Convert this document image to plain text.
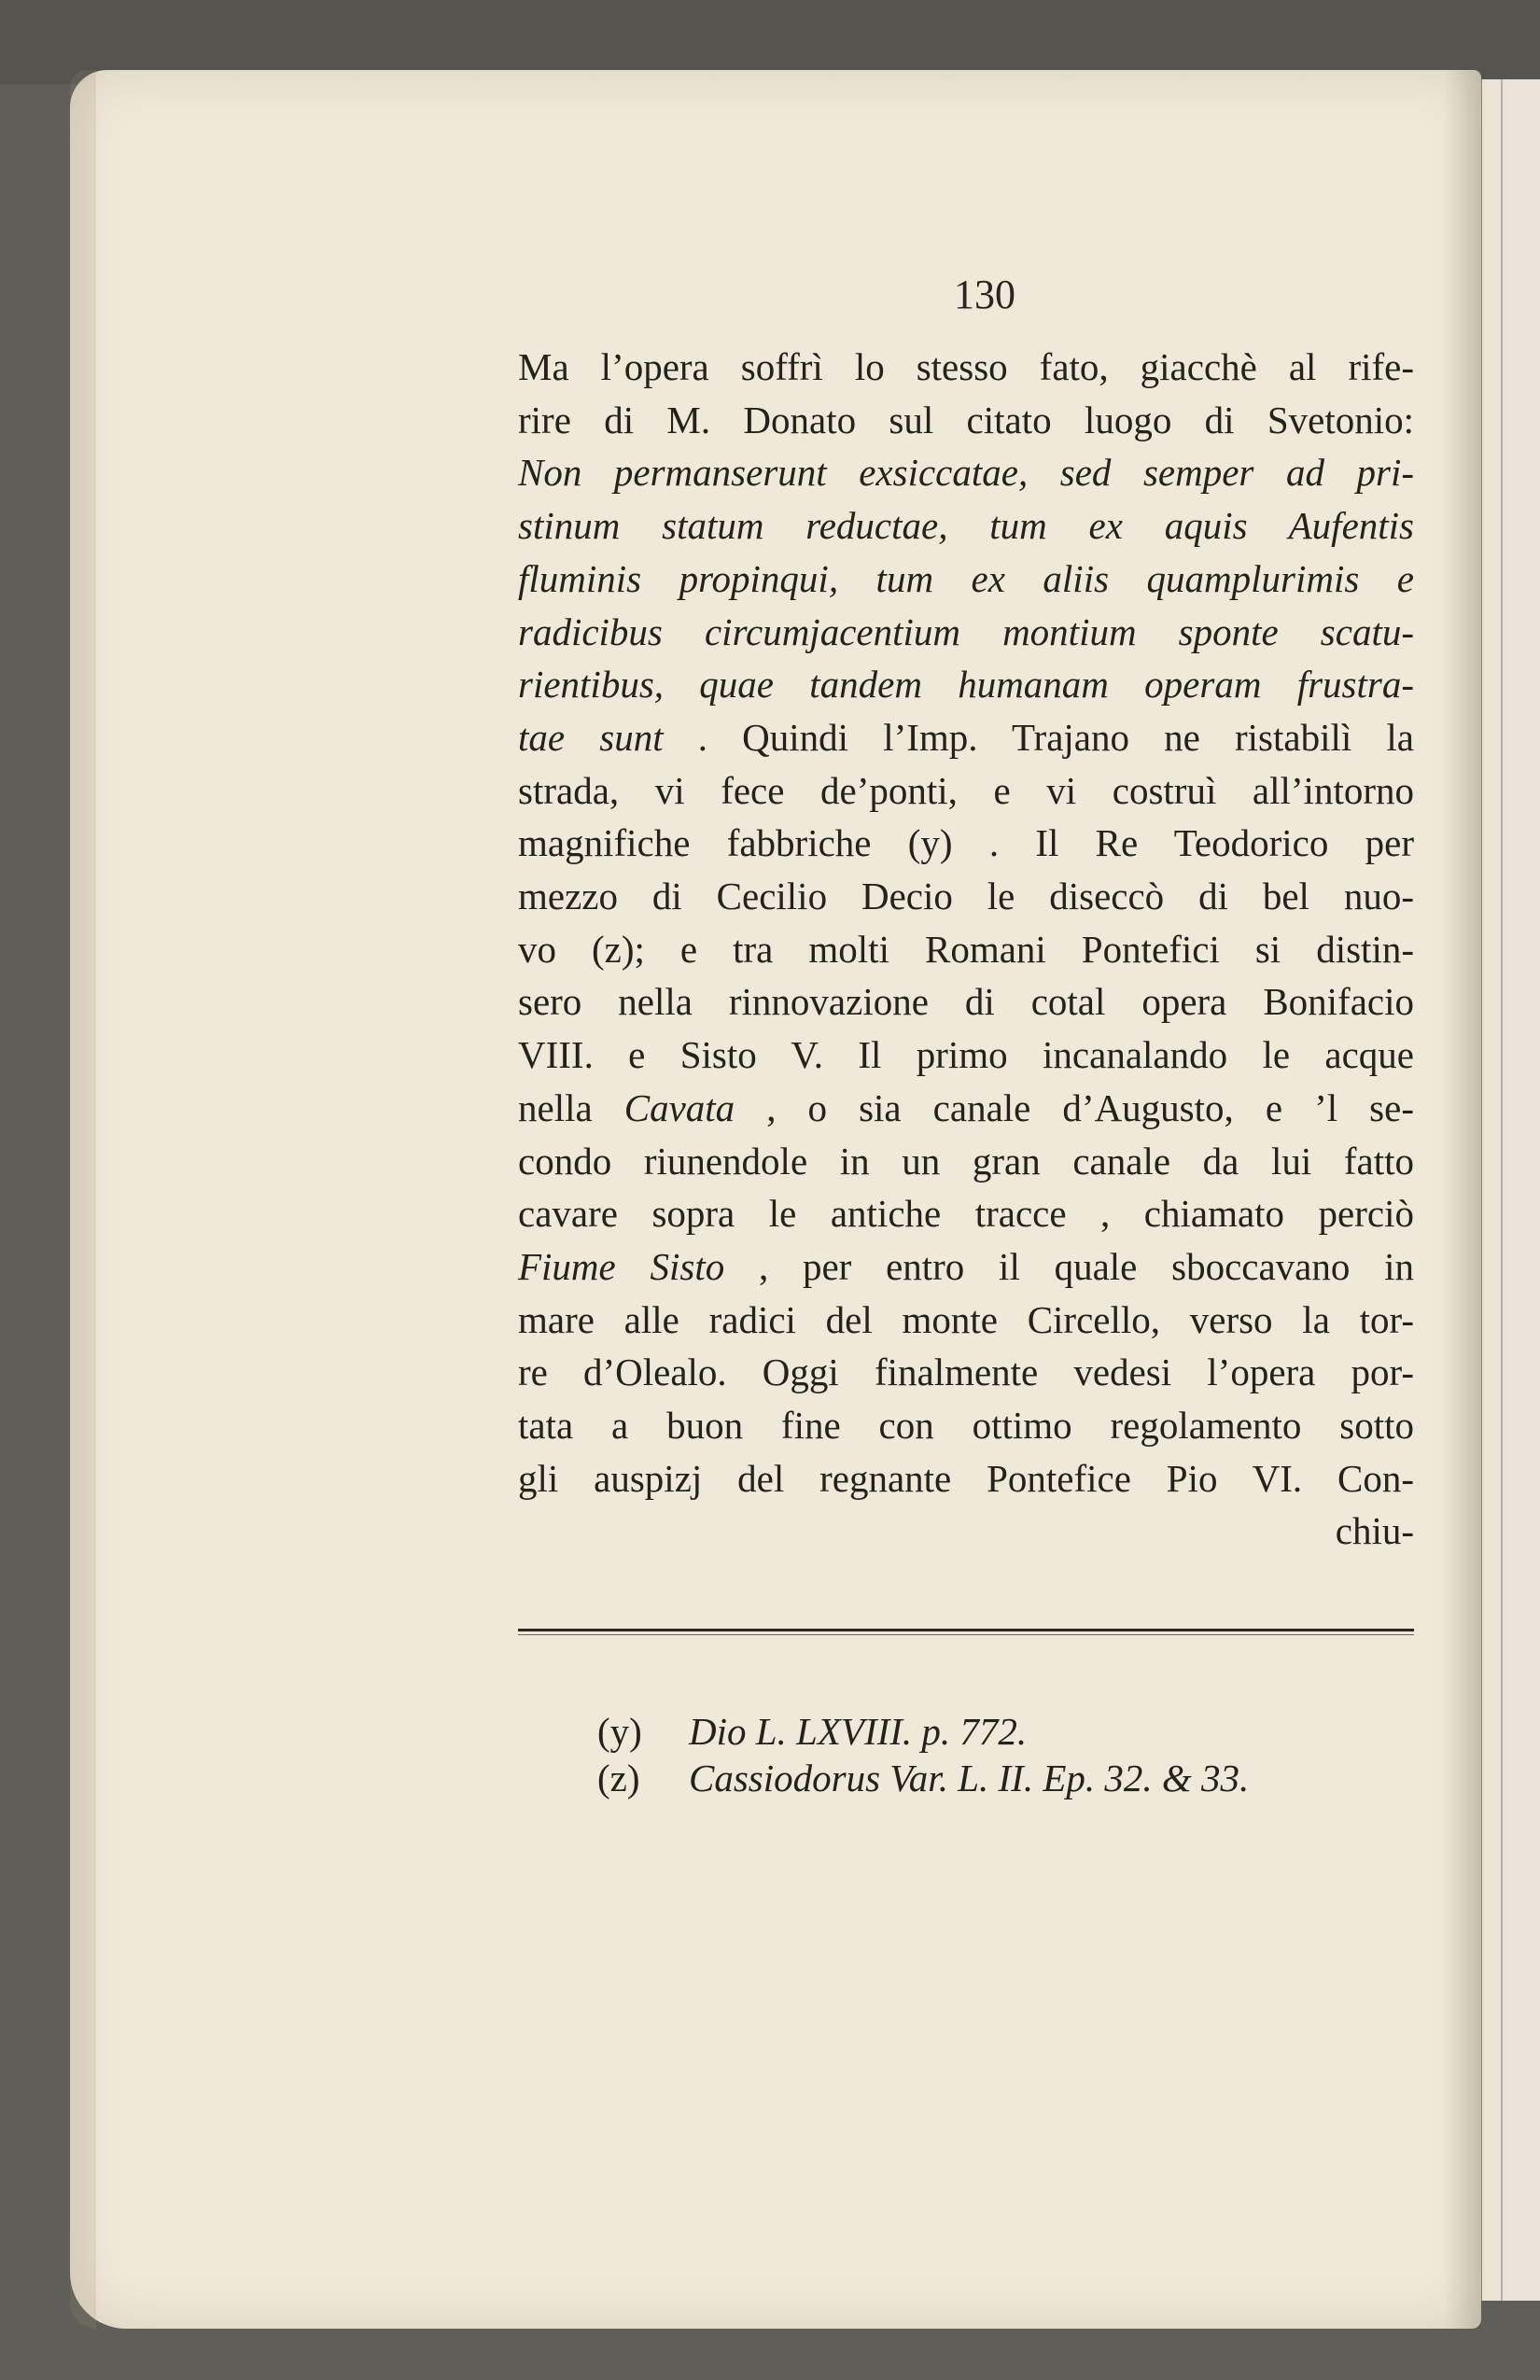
130
Ma l’opera soffrì lo stesso fato, giacchè al rife-
rire di M. Donato sul citato luogo di Svetonio:
Non permanserunt exsiccatae, sed semper ad pri-
stinum statum reductae, tum ex aquis Aufentis
fluminis propinqui, tum ex aliis quamplurimis e
radicibus circumjacentium montium sponte scatu-
rientibus, quae tandem humanam operam frustra-
tae sunt . Quindi l’Imp. Trajano ne ristabilì la
strada, vi fece de’ponti, e vi costruì all’intorno
magnifiche fabbriche (y) . Il Re Teodorico per
mezzo di Cecilio Decio le diseccò di bel nuo-
vo (z); e tra molti Romani Pontefici si distin-
sero nella rinnovazione di cotal opera Bonifacio
VIII. e Sisto V. Il primo incanalando le acque
nella Cavata , o sia canale d’Augusto, e ’l se-
condo riunendole in un gran canale da lui fatto
cavare sopra le antiche tracce , chiamato perciò
Fiume Sisto , per entro il quale sboccavano in
mare alle radici del monte Circello, verso la tor-
re d’Olealo. Oggi finalmente vedesi l’opera por-
tata a buon fine con ottimo regolamento sotto
gli auspizj del regnante Pontefice Pio VI. Con-
chiu-
(y) Dio L. LXVIII. p. 772.
(z) Cassiodorus Var. L. II. Ep. 32. & 33.
